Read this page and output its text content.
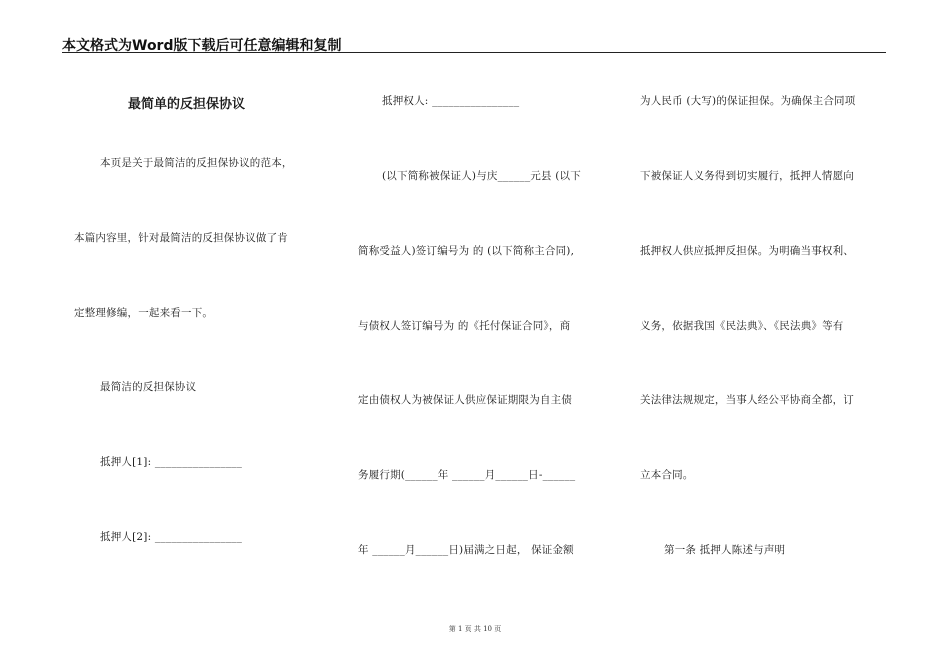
本文格式为Word版下载后可任意编辑和复制
最简单的反担保协议
本页是关于最简洁的反担保协议的范本，
本篇内容里，针对最简洁的反担保协议做了肯
定整理修编，一起来看一下。
最简洁的反担保协议
抵押人[1]: ________________
抵押人[2]: ________________
抵押权人: ________________
(以下简称被保证人)与庆______元县 (以下
简称受益人)签订编号为 的 (以下简称主合同),
与债权人签订编号为 的《托付保证合同》，商
定由债权人为被保证人供应保证期限为自主债
务履行期(______年 ______月______日-______
年 ______月______日)届满之日起， 保证金额
为人民币 (大写)的保证担保。为确保主合同项
下被保证人义务得到切实履行，抵押人情愿向
抵押权人供应抵押反担保。为明确当事权利、
义务，依据我国《民法典》、《民法典》等有
关法律法规规定，当事人经公平协商全都，订
立本合同。
第一条 抵押人陈述与声明
第 1 页 共 10 页
